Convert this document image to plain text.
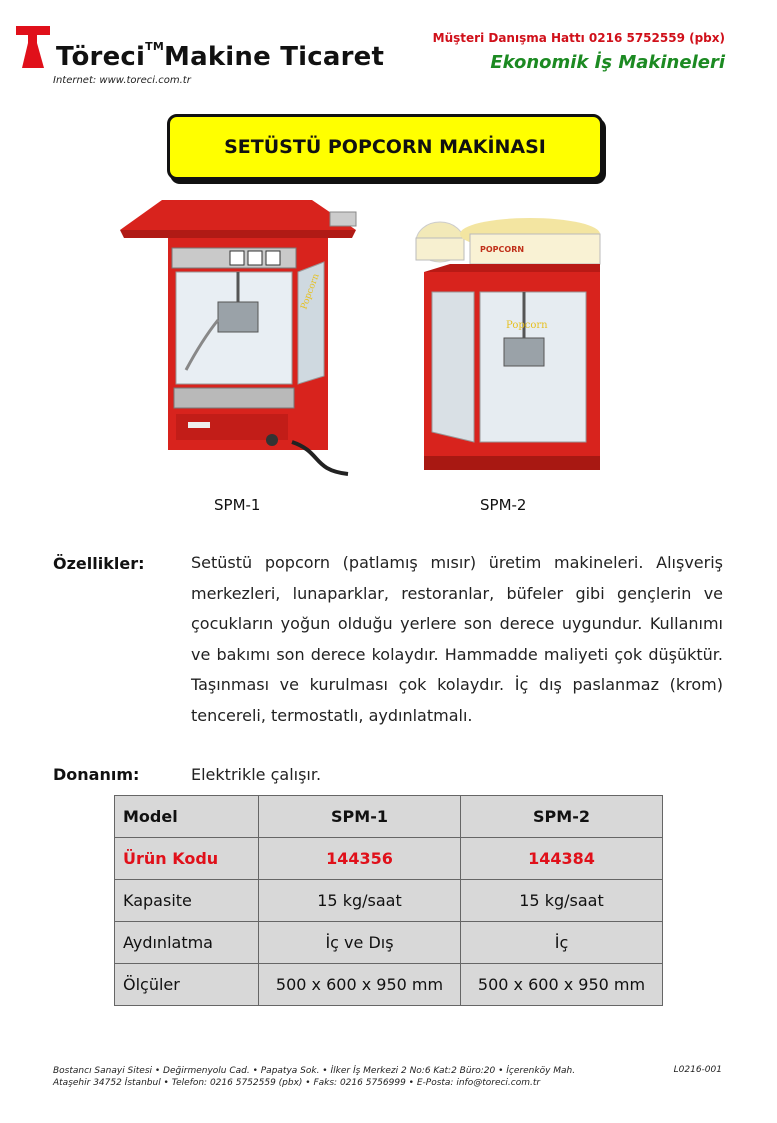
Töreci™Makine Ticaret
Internet: www.toreci.com.tr
Müşteri Danışma Hattı 0216 5752559 (pbx)
Ekonomik İş Makineleri
SETÜSTÜ POPCORN MAKİNASI
Popcorn
SPM-1
POPCORN
Popcorn
SPM-2
Özellikler:	Setüstü popcorn (patlamış mısır) üretim makineleri. Alışveriş merkezleri, lunaparklar, restoranlar, büfeler gibi gençlerin ve çocukların yoğun olduğu yerlere son derece uygundur. Kullanımı ve bakımı son derece kolaydır. Hammadde maliyeti çok düşüktür. Taşınması ve kurulması çok kolaydır. İç dış paslanmaz (krom) tencereli, termostatlı, aydınlatmalı.
Donanım:	Elektrikle çalışır.
Model	SPM-1	SPM-2
Ürün Kodu	144356	144384
Kapasite	15 kg/saat	15 kg/saat
Aydınlatma	İç ve Dış	İç
Ölçüler	500 x 600 x 950 mm	500 x 600 x 950 mm
Bostancı Sanayi Sitesi • Değirmenyolu Cad. • Papatya Sok. • İlker İş Merkezi 2 No:6 Kat:2 Büro:20 • İçerenköy Mah.
Ataşehir 34752 İstanbul • Telefon: 0216 5752559 (pbx) • Faks: 0216 5756999 • E-Posta: info@toreci.com.tr
L0216-001
